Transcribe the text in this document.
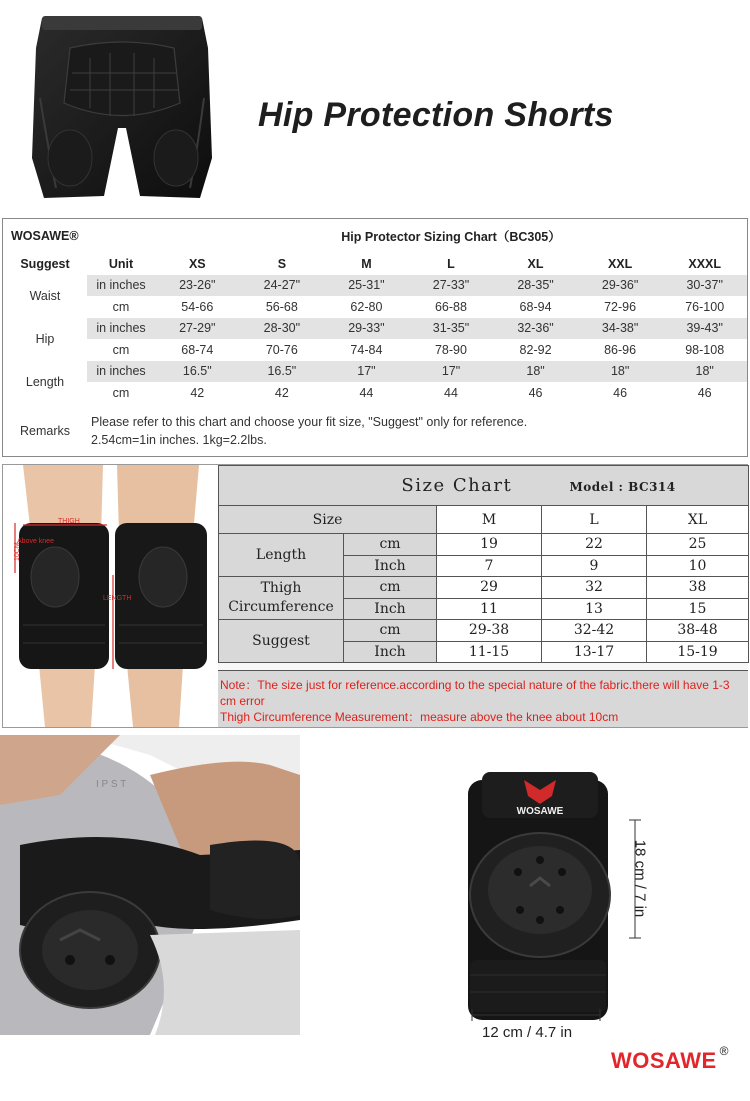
Hip Protection Shorts
WOSAWE®		Hip Protector Sizing Chart（BC305）						
Suggest	Unit	XS	S	M	L	XL	XXL	XXXL
Waist	in inches	23-26"	24-27"	25-31"	27-33"	28-35"	29-36"	30-37"
	cm	54-66	56-68	62-80	66-88	68-94	72-96	76-100
Hip	in inches	27-29"	28-30"	29-33"	31-35"	32-36"	34-38"	39-43"
	cm	68-74	70-76	74-84	78-90	82-92	86-96	98-108
Length	in inches	16.5"	16.5"	17"	17"	18"	18"	18"
	cm	42	42	44	44	46	46	46
Remarks	Please refer to this chart and choose your fit size, "Suggest" only for reference.
2.54cm=1in inches. 1kg=2.2lbs.							
THIGH
Above knee
10CM
LENGTH
Size Chart Model : BC314				
Size		M	L	XL
Length	cm	19	22	25
	Inch	7	9	10

Thigh
Circumference	cm	29	32	38
	Inch	11	13	15
Suggest	cm	29-38	32-42	38-48
	Inch	11-15	13-17	15-19
Note：The size just for reference.according to the special nature of the fabric.there will have 1-3 cm error
Thigh Circumference Measurement：measure above the knee about 10cm
I P S T
WOSAWE
18 cm / 7 in
12 cm / 4.7 in
WOSAWE ®
